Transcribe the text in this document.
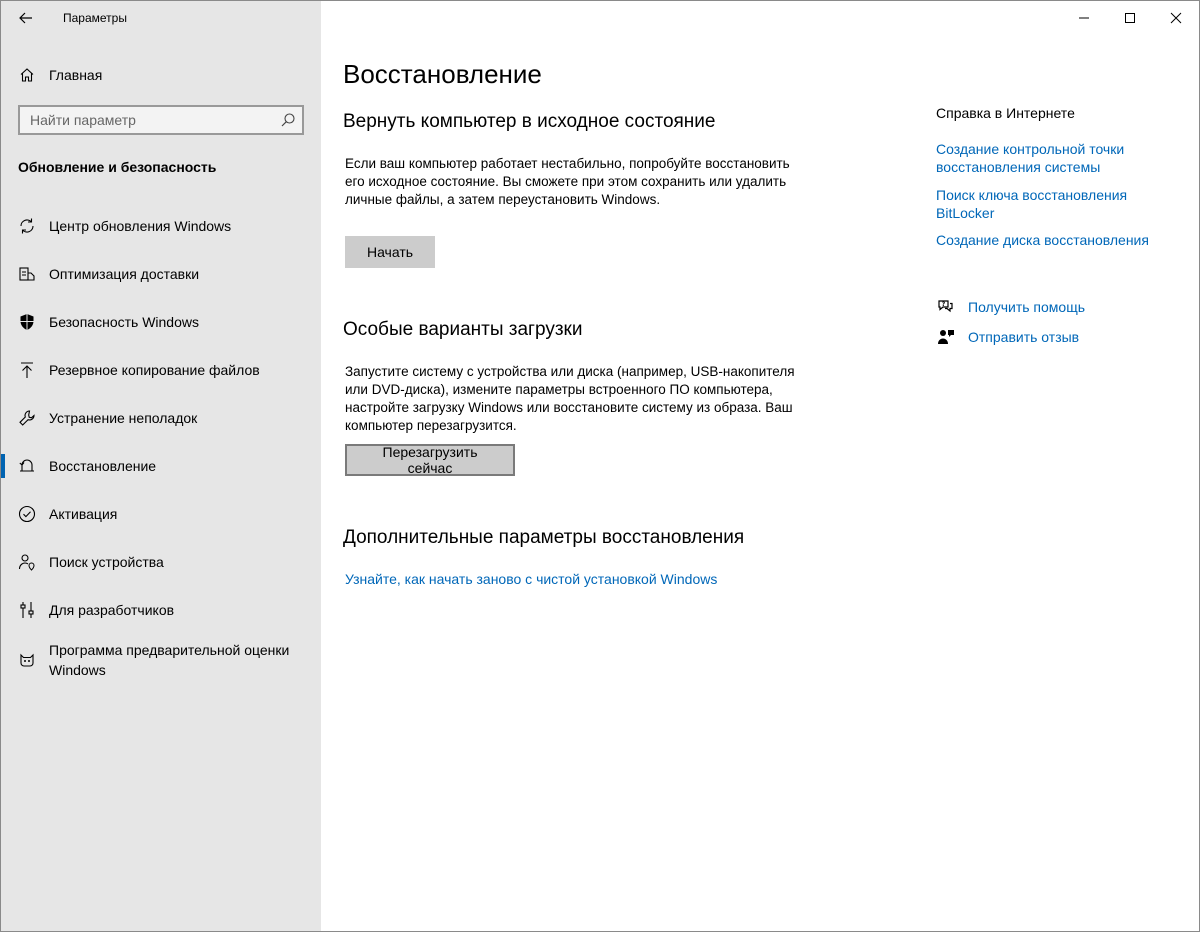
Параметры
Главная
Найти параметр
Обновление и безопасность
Центр обновления Windows
Оптимизация доставки
Безопасность Windows
Резервное копирование файлов
Устранение неполадок
Восстановление
Активация
Поиск устройства
Для разработчиков
Программа предварительной оценки Windows
Восстановление
Вернуть компьютер в исходное состояние
Если ваш компьютер работает нестабильно, попробуйте восстановить его исходное состояние. Вы сможете при этом сохранить или удалить личные файлы, а затем переустановить Windows.
Начать
Особые варианты загрузки
Запустите систему с устройства или диска (например, USB-накопителя или DVD-диска), измените параметры встроенного ПО компьютера, настройте загрузку Windows или восстановите систему из образа. Ваш компьютер перезагрузится.
Перезагрузить сейчас
Дополнительные параметры восстановления
Узнайте, как начать заново с чистой установкой Windows
Справка в Интернете
Создание контрольной точки восстановления системы
Поиск ключа восстановления BitLocker
Создание диска восстановления
? Получить помощь
Отправить отзыв
